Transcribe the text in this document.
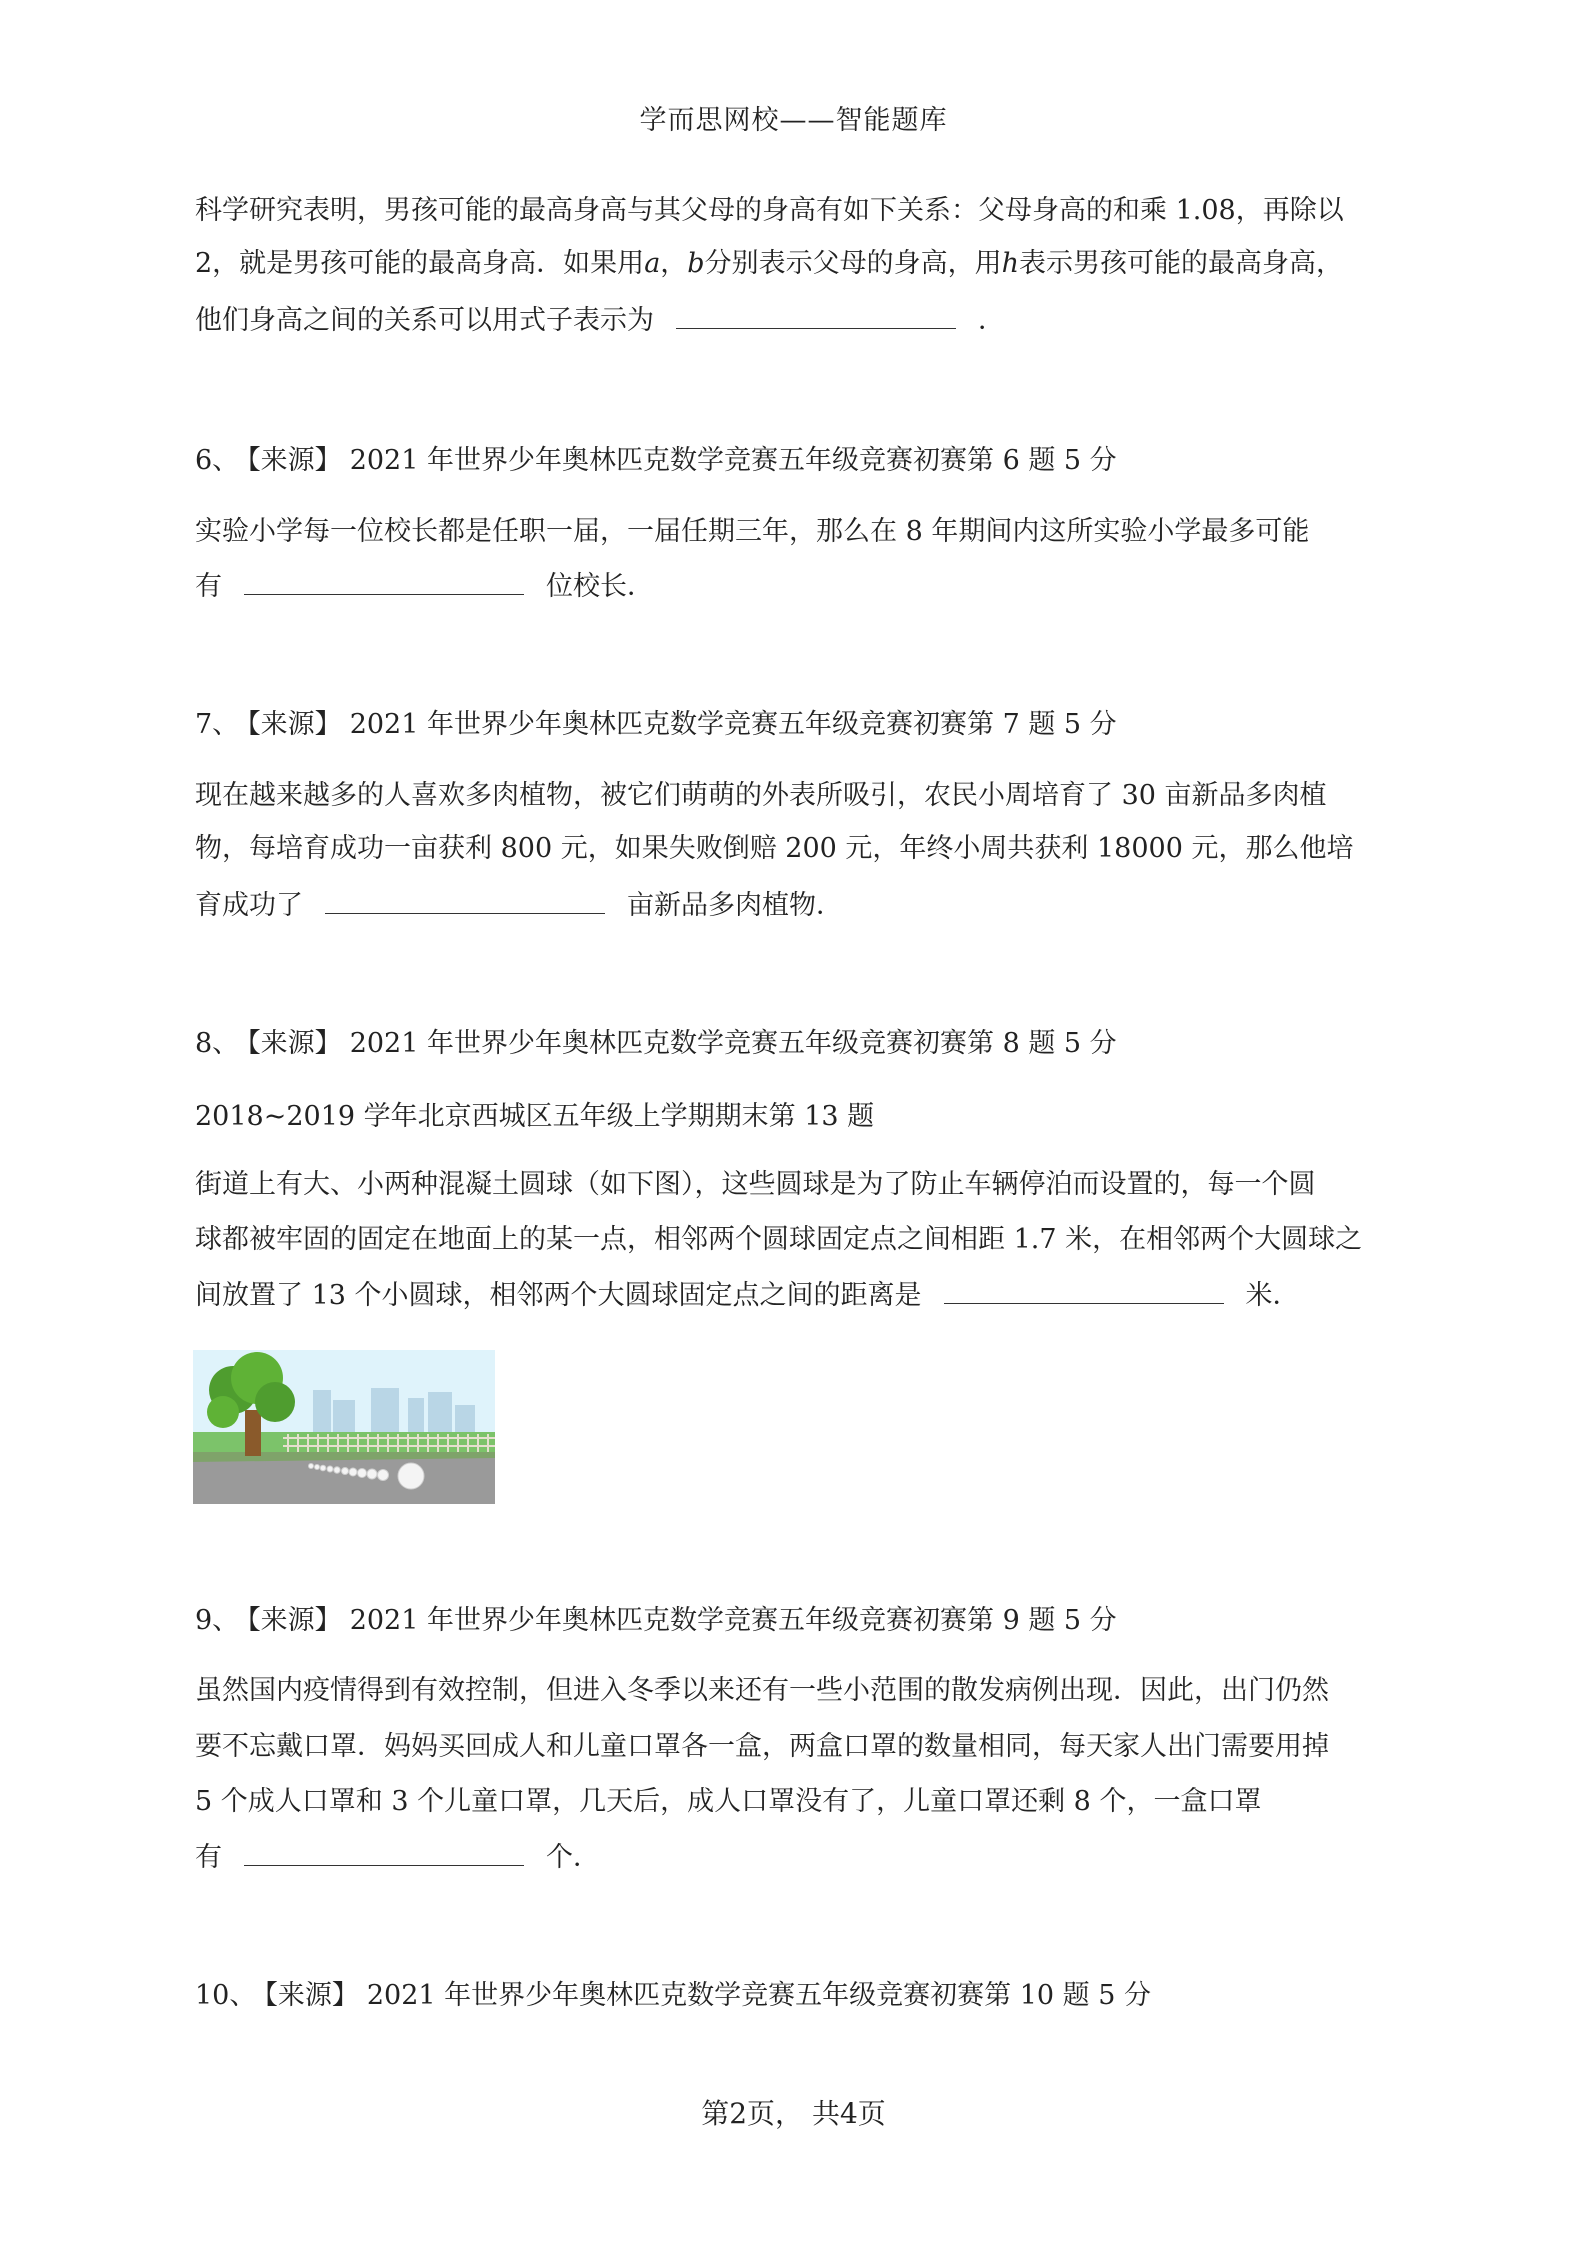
学而思网校——智能题库
科学研究表明，男孩可能的最高身高与其父母的身高有如下关系：父母身高的和乘 1.08，再除以
2，就是男孩可能的最高身高．如果用a，b分别表示父母的身高，用h表示男孩可能的最高身高，
他们身高之间的关系可以用式子表示为	．
6、 【来源】 2021 年世界少年奥林匹克数学竞赛五年级竞赛初赛第 6 题 5 分
实验小学每一位校长都是任职一届，一届任期三年，那么在 8 年期间内这所实验小学最多可能
有	位校长．
7、 【来源】 2021 年世界少年奥林匹克数学竞赛五年级竞赛初赛第 7 题 5 分
现在越来越多的人喜欢多肉植物，被它们萌萌的外表所吸引，农民小周培育了 30 亩新品多肉植
物，每培育成功一亩获利 800 元，如果失败倒赔 200 元，年终小周共获利 18000 元，那么他培
育成功了	亩新品多肉植物．
8、 【来源】 2021 年世界少年奥林匹克数学竞赛五年级竞赛初赛第 8 题 5 分
2018~2019 学年北京西城区五年级上学期期末第 13 题
街道上有大、小两种混凝土圆球（如下图），这些圆球是为了防止车辆停泊而设置的，每一个圆
球都被牢固的固定在地面上的某一点，相邻两个圆球固定点之间相距 1.7 米，在相邻两个大圆球之
间放置了 13 个小圆球，相邻两个大圆球固定点之间的距离是	米．
9、 【来源】 2021 年世界少年奥林匹克数学竞赛五年级竞赛初赛第 9 题 5 分
虽然国内疫情得到有效控制，但进入冬季以来还有一些小范围的散发病例出现．因此，出门仍然
要不忘戴口罩．妈妈买回成人和儿童口罩各一盒，两盒口罩的数量相同，每天家人出门需要用掉
5 个成人口罩和 3 个儿童口罩，几天后，成人口罩没有了，儿童口罩还剩 8 个，一盒口罩
有	个．
10、 【来源】 2021 年世界少年奥林匹克数学竞赛五年级竞赛初赛第 10 题 5 分
第2页， 共4页
